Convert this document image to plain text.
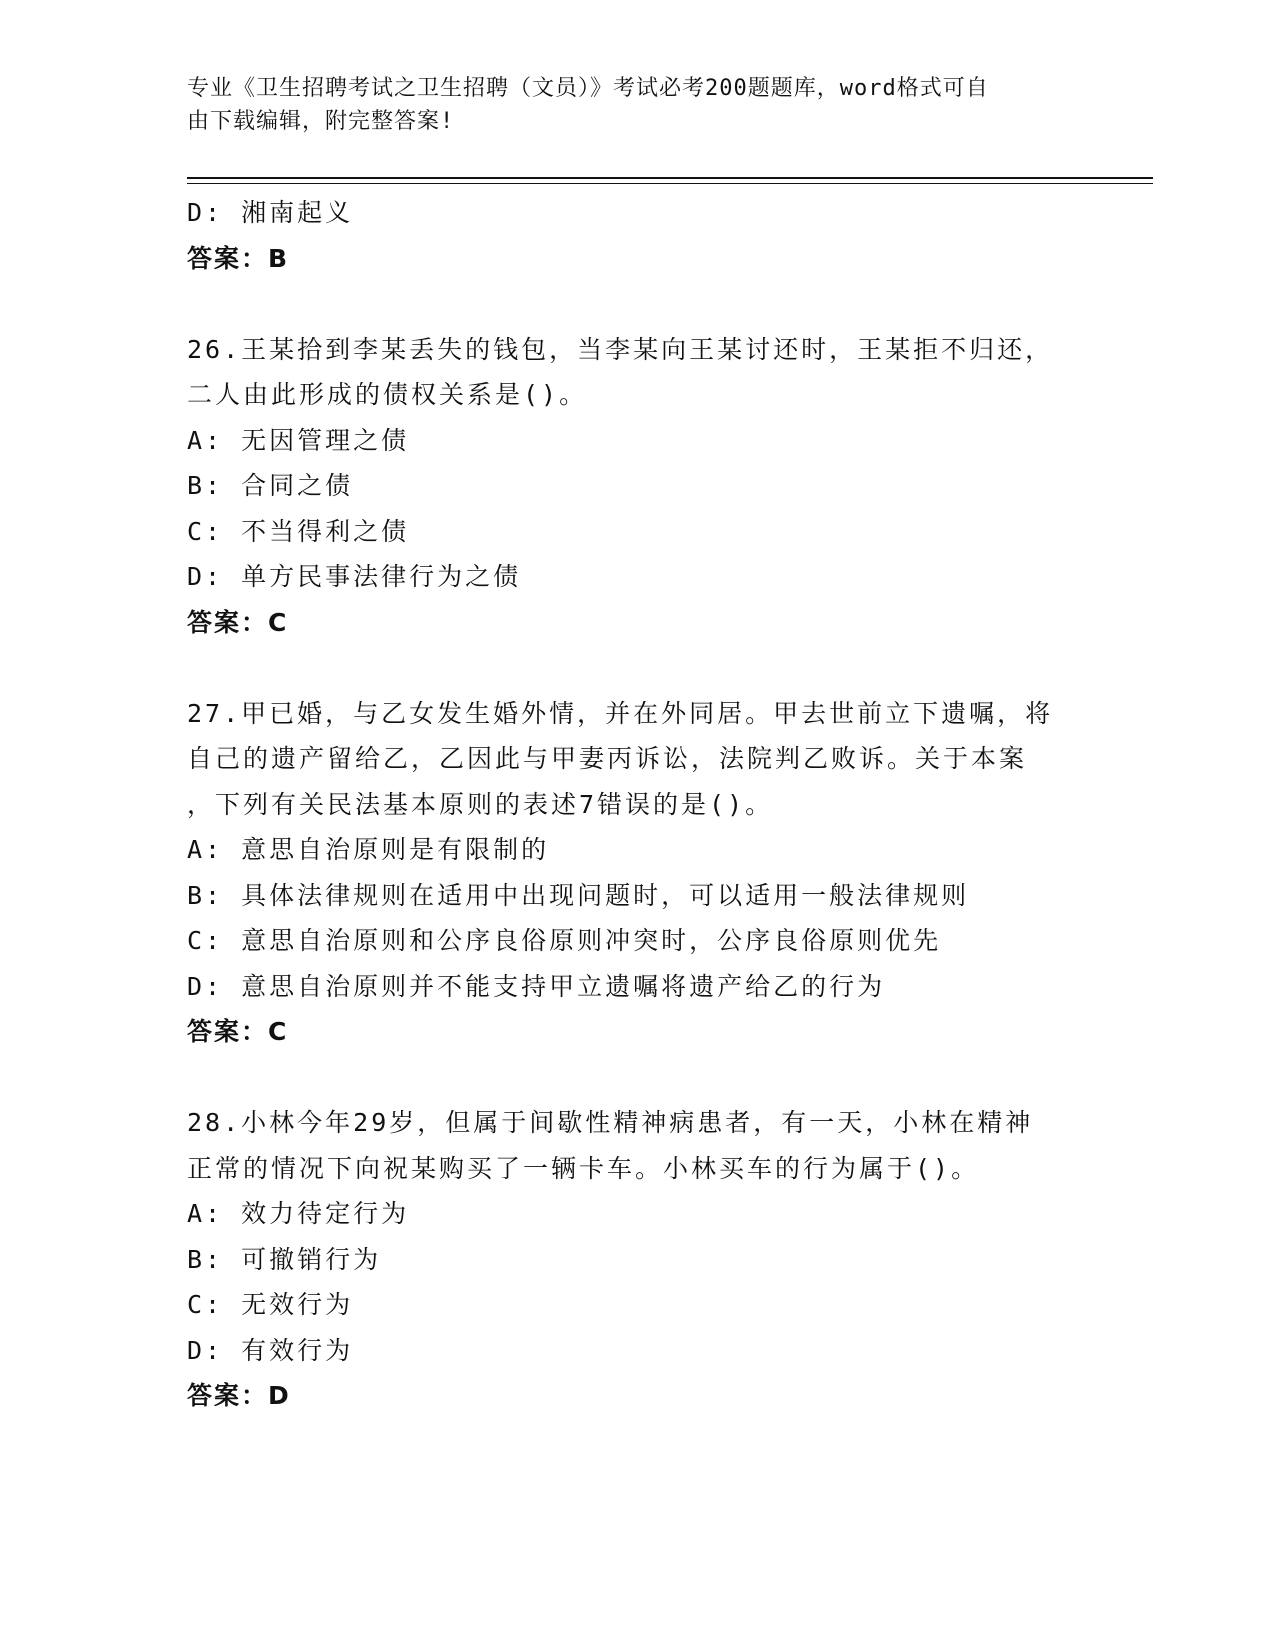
专业《卫生招聘考试之卫生招聘（文员）》考试必考200题题库，word格式可自
由下载编辑，附完整答案!
D: 湘南起义
答案：B
26.王某拾到李某丢失的钱包，当李某向王某讨还时，王某拒不归还，
二人由此形成的债权关系是()。
A: 无因管理之债
B: 合同之债
C: 不当得利之债
D: 单方民事法律行为之债
答案：C
27.甲已婚，与乙女发生婚外情，并在外同居。甲去世前立下遗嘱，将
自己的遗产留给乙，乙因此与甲妻丙诉讼，法院判乙败诉。关于本案
，下列有关民法基本原则的表述7错误的是()。
A: 意思自治原则是有限制的
B: 具体法律规则在适用中出现问题时，可以适用一般法律规则
C: 意思自治原则和公序良俗原则冲突时，公序良俗原则优先
D: 意思自治原则并不能支持甲立遗嘱将遗产给乙的行为
答案：C
28.小林今年29岁，但属于间歇性精神病患者，有一天，小林在精神
正常的情况下向祝某购买了一辆卡车。小林买车的行为属于()。
A: 效力待定行为
B: 可撤销行为
C: 无效行为
D: 有效行为
答案：D
